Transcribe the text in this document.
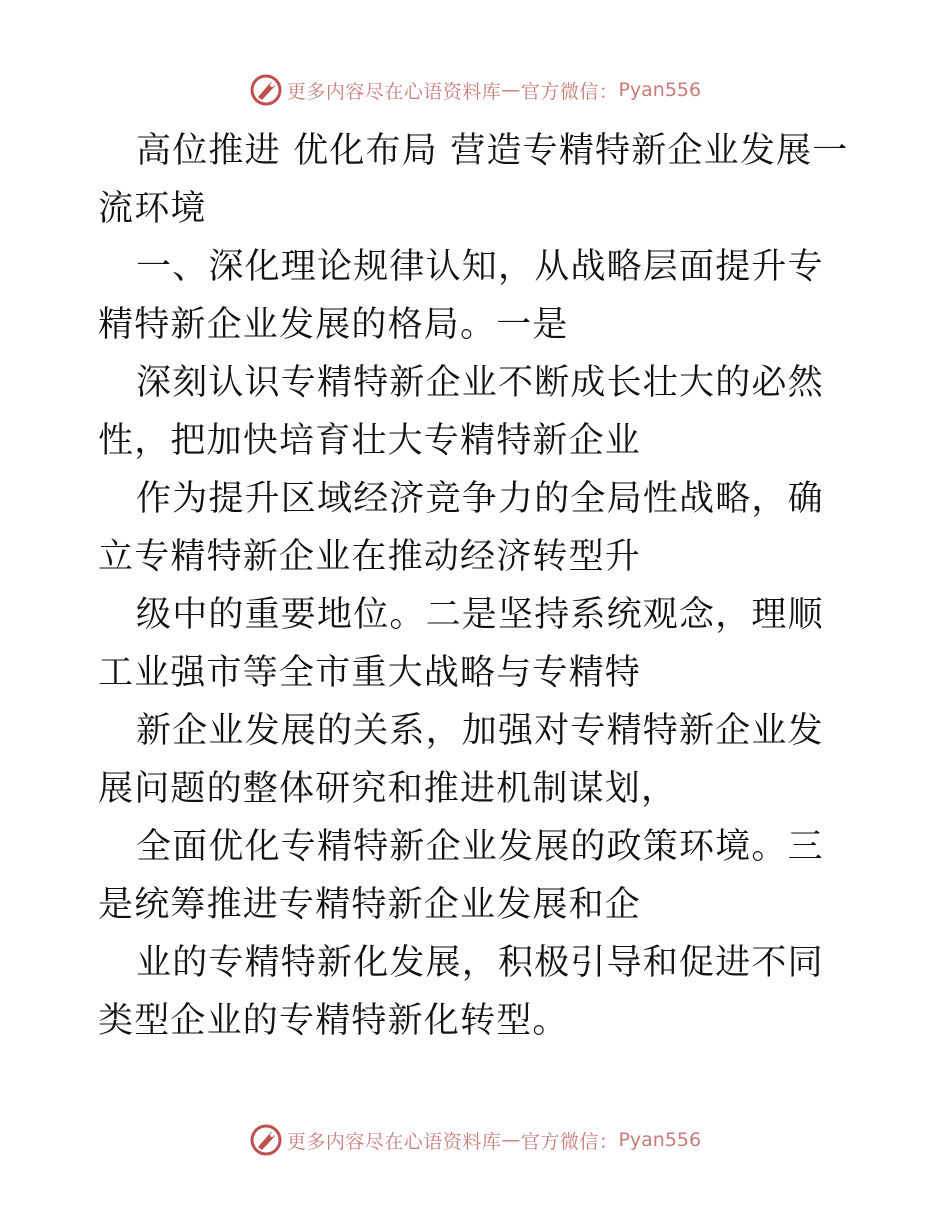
更多内容尽在心语资料库 — 官方微信： Pyan556

高位推进 优化布局 营造专精特新企业发展一流环境

一、深化理论规律认知，从战略层面提升专精特新企业发展的格局。一是

深刻认识专精特新企业不断成长壮大的必然性，把加快培育壮大专精特新企业

作为提升区域经济竞争力的全局性战略，确立专精特新企业在推动经济转型升

级中的重要地位。二是坚持系统观念，理顺工业强市等全市重大战略与专精特

新企业发展的关系，加强对专精特新企业发展问题的整体研究和推进机制谋划，

全面优化专精特新企业发展的政策环境。三是统筹推进专精特新企业发展和企

业的专精特新化发展，积极引导和促进不同类型企业的专精特新化转型。

更多内容尽在心语资料库 — 官方微信： Pyan556
